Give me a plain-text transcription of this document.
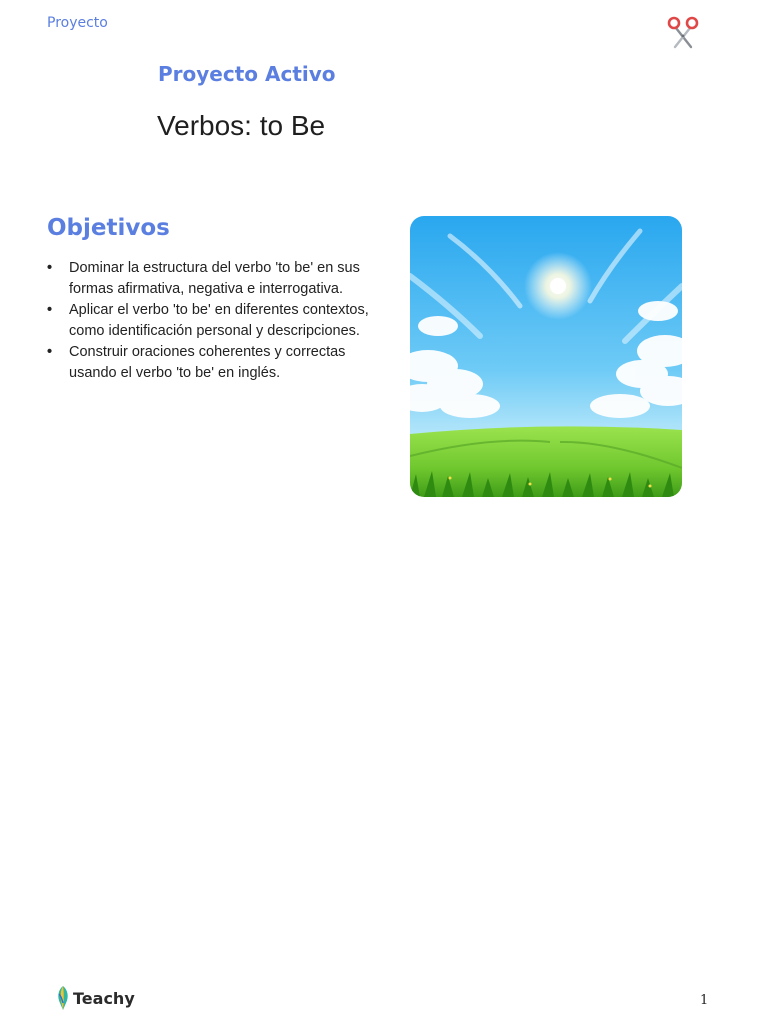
Proyecto
Proyecto Activo
Verbos: to Be
Objetivos
• Dominar la estructura del verbo 'to be' en sus formas afirmativa, negativa e interrogativa.
• Aplicar el verbo 'to be' en diferentes contextos, como identificación personal y descripciones.
• Construir oraciones coherentes y correctas usando el verbo 'to be' en inglés.
Teachy	1
